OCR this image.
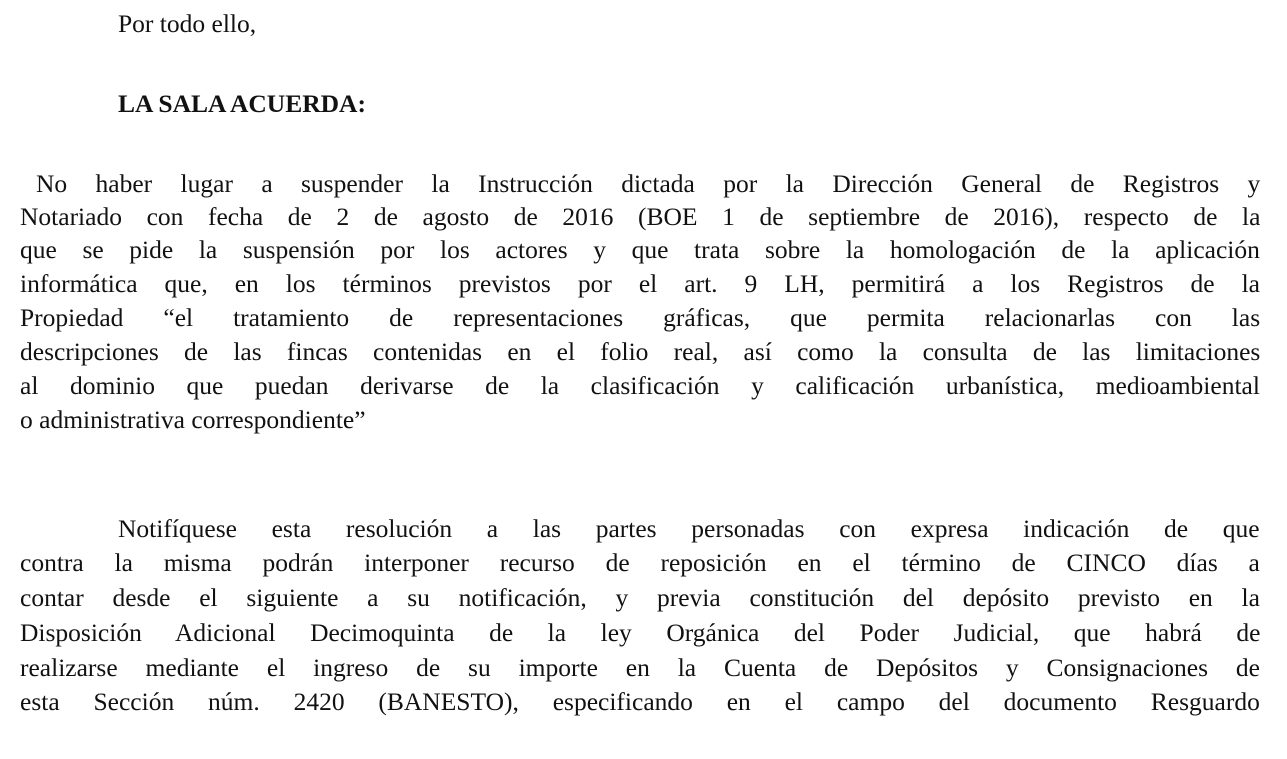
Por todo ello,
LA SALA ACUERDA:
No haber lugar a suspender la Instrucción dictada por la Dirección General de Registros y
Notariado con fecha de 2 de agosto de 2016 (BOE 1 de septiembre de 2016), respecto de la
que se pide la suspensión por los actores y que trata sobre la homologación de la aplicación
informática que, en los términos previstos por el art. 9 LH, permitirá a los Registros de la
Propiedad “el tratamiento de representaciones gráficas, que permita relacionarlas con las
descripciones de las fincas contenidas en el folio real, así como la consulta de las limitaciones
al dominio que puedan derivarse de la clasificación y calificación urbanística, medioambiental
o administrativa correspondiente”
Notifíquese esta resolución a las partes personadas con expresa indicación de que
contra la misma podrán interponer recurso de reposición en el término de CINCO días a
contar desde el siguiente a su notificación, y previa constitución del depósito previsto en la
Disposición Adicional Decimoquinta de la ley Orgánica del Poder Judicial, que habrá de
realizarse mediante el ingreso de su importe en la Cuenta de Depósitos y Consignaciones de
esta Sección núm. 2420 (BANESTO), especificando en el campo del documento Resguardo
